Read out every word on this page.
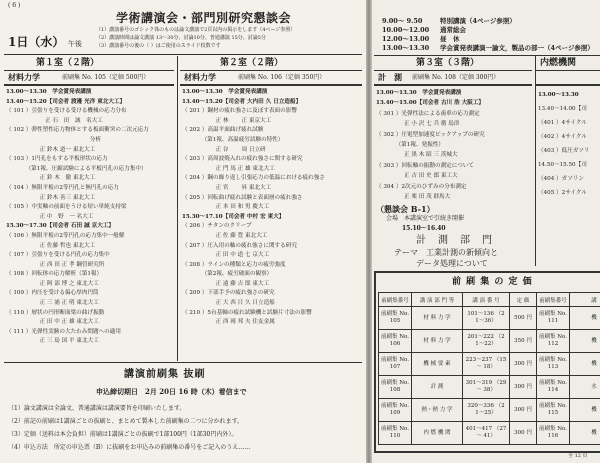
( 6 )
学術講演会・部門別研究懇談会
1日（水） 午後
（1）講演番号のゴシック体のものは論文講演で2頁以内の掲示をします（4ページ参照）
（2）講演時間は論文講演 13〜30分、討論10分、普通講演 15分、討論5分
（3）講演番号の後の（ ）はご使用のスライド枚数です
第１室（２階）
材料力学	前刷集 No. 105（定価 500円）
13.00〜13.30　学会賞発表講演
13.40〜15.20【司会者 渡邊 光洋 東北大工】
（ 101 ）引張りを受ける受ける機械の応力分布
　　　　　　　正 石　田　誠　名大工
（ 102 ）弾性塑性応力物体とする板面衝突の二次元応力
　　　　　　　　　　　　　　　分析
　　　　　　正 鈴木 道一 東北大工
（ 103 ）1円孔をもする平板形状の応力
　　　　（第1報、圧縮試験による平板円孔の応力集中）
　　　　　　正 鈴 木　徹 東北大工
（ 104 ）無限平板の2等円孔と無円孔の応力
　　　　　　正 鈴木 善三 東北大工
（ 105 ）中実軸の前面をうける短い単純支持梁
　　　　　　正 中　野　一 名大工
15.30〜17.30【司会者 石田 誠 京大工】
（ 106 ）無限平板の2等円孔の応力集中一般解
　　　　　　正 佐藤 哲也 東北大工
（ 107 ）引張りを受ける円孔の応力集中
　　　　　　正 西 田 正 孝 鋼管研究所
（ 108 ）回転体の応力解析（第1報）
　　　　　　正 阿 部 博 之 東北大工
（ 109 ）内圧を受ける偏心厚肉円筒
　　　　　　正 三 浦 正 明 東北大工
（ 110 ）層状の円形断面梁の曲げ振動
　　　　　　正 田 中 正 雄 東北大工
（ 111 ）光弾性実験の大たわみ問題への適用
　　　　　　正 三 島 国 平 東北大工
第２室（２階）
材料力学	前刷集 No. 106（定価 350円）
13.00〜13.30　学会賞発表講演
13.40〜15.20【司会者 大内田 久 日立造船】
（ 201 ）鋼材の疲れ強さに及ぼす表面の影響
　　　　　　正 林 　　正 東京大工
（ 202 ）高温平面曲げ疲れ試験
　　　　（第1報、高温疲労試験の特性）
　　　　　　正 谷 　　周 日立研
（ 203 ）高周波焼入れの疲れ強さに関する研究
　　　　　　正 門 馬 正 雄 東北大工
（ 204 ）鋼の繰り返し引張応力の低温における疲れ強さ
　　　　　　正 宮 　　昇 東北大工
（ 205 ）回転曲げ疲れ試験と表面層の疲れ強さ
　　　　　　正 本 田 和 男 慶大工
15.30〜17.10【司会者 中村 宏 東大】
（ 206 ）チタンのクリープ
　　　　　　正 佐 藤 豊 東北大工
（ 207 ）圧入用の軸の疲れ強さに関する研究
　　　　　　正 田 中 道 七 京大工
（ 208 ）ラインの種類と応力の疲労強度
　　　　（第2報、疲労破面の観察）
　　　　　　正 遠 藤 吉 郎 東大工
（ 209 ）下部手予の疲れ強さの研究
　　　　　　正 大 西 日 久 日立造船
（ 210 ）5台基軸の疲れ試験機と試験片寸法の影響
　　　　　　正 西 岡 邦 夫 住友金属
講演前刷集 抜刷
申込締切期日　2月 20日 16 時（木）着信まで
（1）論文講演は全論文、普通講演は講演要旨を印刷いたします。
（2）前記の前刷は1講演ごとの抜刷と、まとめて製本した前刷集の二つに分かれます。
（3）定価（送料は本会負担）前刷は1講演ごとの抜刷で1部100円（1部30円内外）。
（4）申込方法　所定の申込票（B）に抜刷をお申込みの前刷集の番号をご記入のうえ……
9.00〜 9.50	特別講演（4ページ参照）
10.00〜12.00 通常総会
12.00〜13.00 昼　休
13.00〜13.30 学会賞発表講演一論文，製品の部一（4ページ参照）
第３室（３階）
計　測 前刷集 No. 108（定価 300円）
13.00〜13.30　学会賞発表講演
13.40〜15.00【司会者 古川 浩 大阪工】
（ 301 ）光弾性法による歯車の応力測定
　　　　　正 小 沢 七 兵 衛 島津
（ 302 ）圧電型加速度ピックアップの研究
　　　　（第1報、発振性）
　　　　　正 黒 木 昭 三 茨城大
（ 303 ）回転軸の振動の測定について
　　　　　正 吉 田 史 郎 東工大
（ 304 ）2次元のひずみの分布測定
　　　　　正 栗 田 茂 群馬大
（懇談会 B-1）
会場　本講演室で引続き開催
15.10〜16.40
計　測　部　門
テーマ　工業計測の新傾向と
データ処理について
内燃機関
13.00〜13.30
13.40〜14.00【司
（401 ）4サイクル
（402 ）4サイクル
（403 ）低圧ガソリ
14.50〜15.50【司
（404 ）ガソリン
（405 ）2サイクル
前 刷 集 の 定 価
前刷集番号	講 演 部 門 等	講 演 番 号	定 価	前刷集番号	講
前刷集 No. 105	材 料 力 学	101〜136 （21〜36）	500 円	前刷集 No. 111	機
前刷集 No. 106	材 料 力 学	201〜222 （21〜22）	350 円	前刷集 No. 112	機
前刷集 No. 107	機 械 要 素	223〜237 （15 〜 18）	300 円	前刷集 No. 113	機
前刷集 No. 108	計 測	301〜319 （29 〜 38）	300 円	前刷集 No. 114	水
前刷集 No. 109	熱・熱 力 学	320〜336 （21〜25）	300 円	前刷集 No. 115	機
前刷集 No. 110	内 燃 機 関	401〜417 （27 〜 41）	300 円	前刷集 No. 116	機
全 12 頁
